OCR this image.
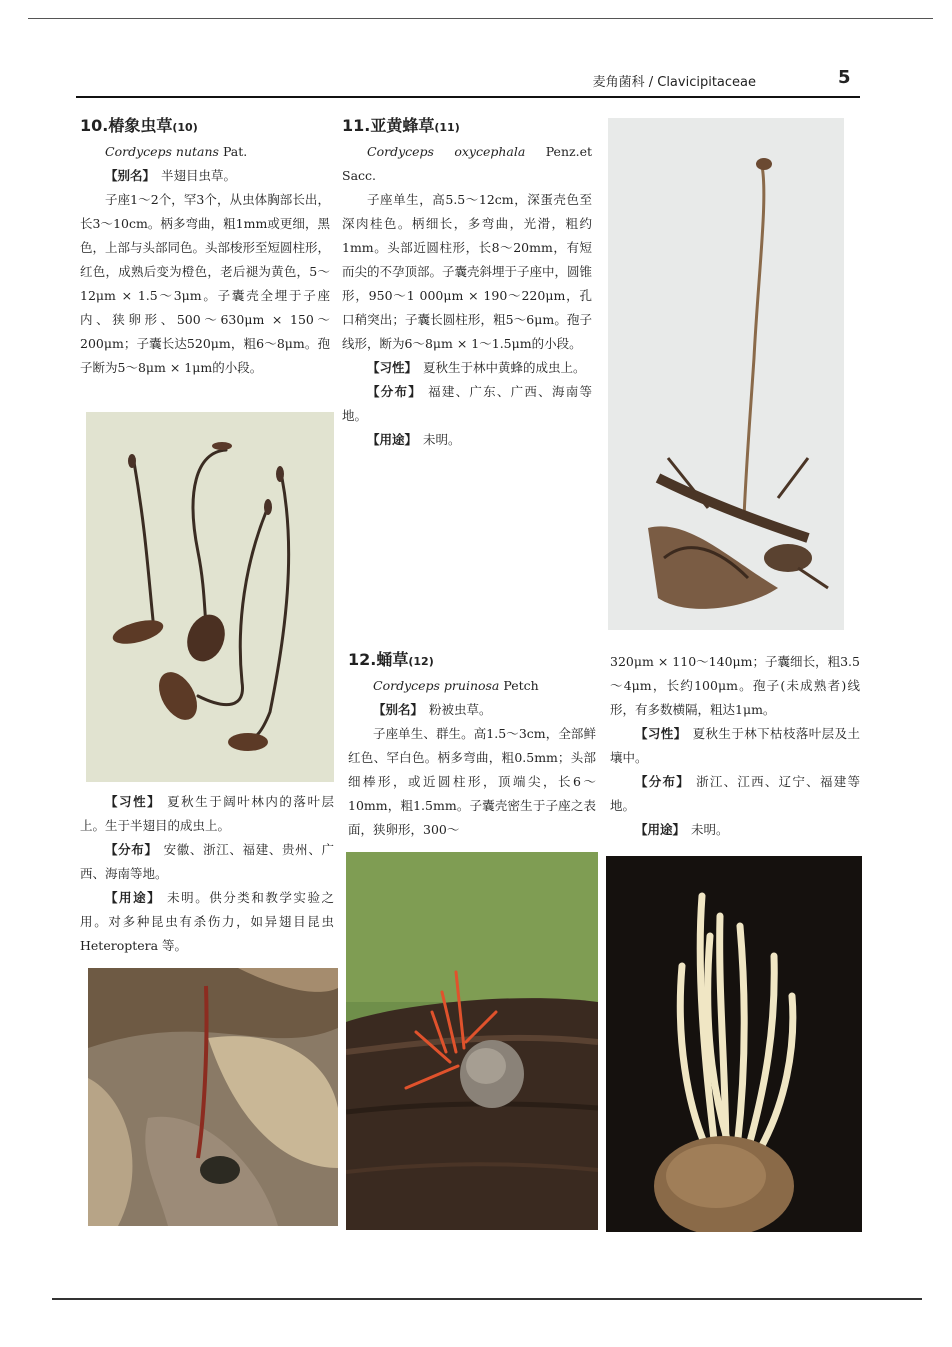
麦角菌科 / Clavicipitaceae	5

10.椿象虫草(10)

Cordyceps nutans Pat.

【别名】 半翅目虫草。

子座1～2个，罕3个，从虫体胸部长出，长3～10cm。柄多弯曲，粗1mm或更细，黑色，上部与头部同色。头部梭形至短圆柱形，红色，成熟后变为橙色，老后褪为黄色，5～12μm × 1.5～3μm。子囊壳全埋于子座内、狭卵形、500～630μm × 150～200μm；子囊长达520μm，粗6～8μm。孢子断为5～8μm × 1μm的小段。

【习性】 夏秋生于阔叶林内的落叶层上。生于半翅目的成虫上。

【分布】 安徽、浙江、福建、贵州、广西、海南等地。

【用途】 未明。供分类和教学实验之用。对多种昆虫有杀伤力，如异翅目昆虫 Heteroptera 等。

11.亚黄蜂草(11)

Cordyceps oxycephala Penz.et Sacc.

子座单生，高5.5～12cm，深蛋壳色至深肉桂色。柄细长，多弯曲，光滑，粗约1mm。头部近圆柱形，长8～20mm，有短而尖的不孕顶部。子囊壳斜埋于子座中，圆锥形，950～1 000μm × 190～220μm，孔口稍突出；子囊长圆柱形，粗5～6μm。孢子线形，断为6～8μm × 1～1.5μm的小段。

【习性】 夏秋生于林中黄蜂的成虫上。

【分布】 福建、广东、广西、海南等地。

【用途】 未明。

12.蛹草(12)

Cordyceps pruinosa Petch

【别名】 粉被虫草。

子座单生、群生。高1.5～3cm，全部鲜红色、罕白色。柄多弯曲，粗0.5mm；头部细棒形，或近圆柱形，顶端尖，长6～10mm，粗1.5mm。子囊壳密生于子座之表面，狭卵形，300～

320μm × 110～140μm；子囊细长，粗3.5～4μm，长约100μm。孢子(未成熟者)线形，有多数横隔，粗达1μm。

【习性】 夏秋生于林下枯枝落叶层及土壤中。

【分布】 浙江、江西、辽宁、福建等地。

【用途】 未明。
